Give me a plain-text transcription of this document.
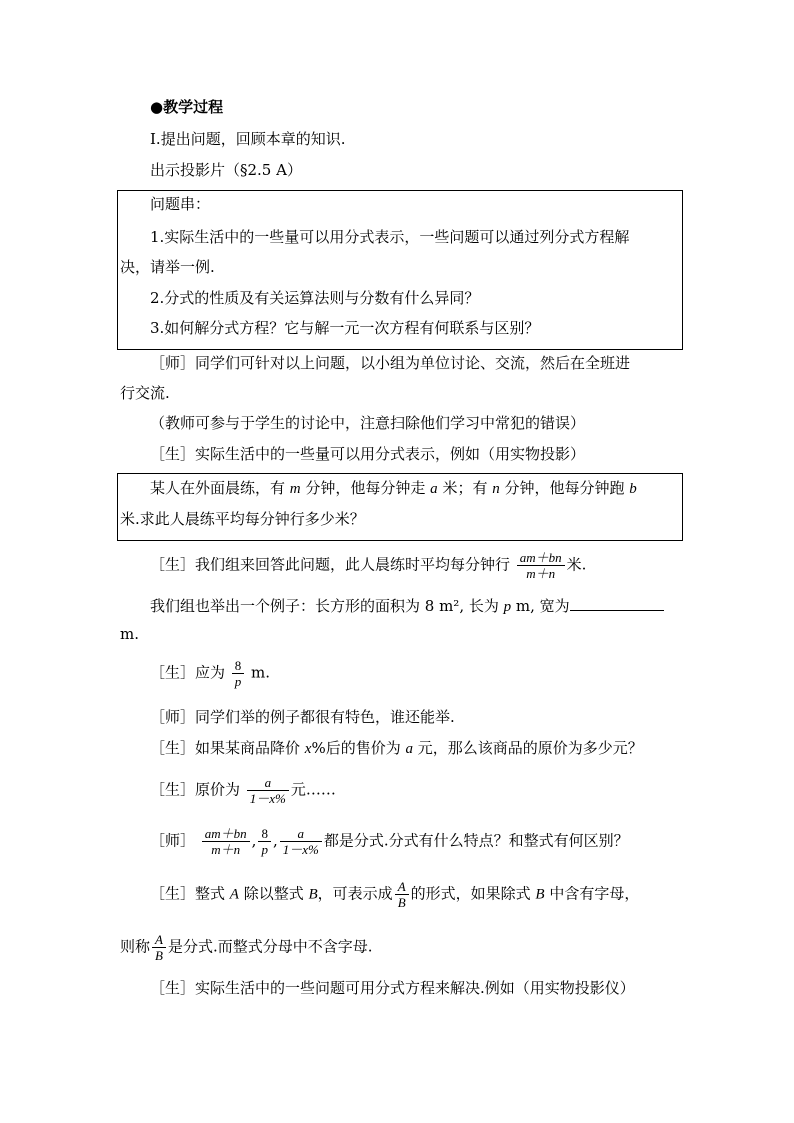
●教学过程
Ⅰ.提出问题，回顾本章的知识.
出示投影片（§2.5 A）
问题串：
1.实际生活中的一些量可以用分式表示，一些问题可以通过列分式方程解
决，请举一例.
2.分式的性质及有关运算法则与分数有什么异同？
3.如何解分式方程？它与解一元一次方程有何联系与区别？
［师］同学们可针对以上问题，以小组为单位讨论、交流，然后在全班进
行交流.
（教师可参与于学生的讨论中，注意扫除他们学习中常犯的错误）
［生］实际生活中的一些量可以用分式表示，例如（用实物投影）
某人在外面晨练，有 m 分钟，他每分钟走 a 米；有 n 分钟，他每分钟跑 b
米.求此人晨练平均每分钟行多少米？
［生］我们组来回答此问题，此人晨练时平均每分钟行 $\frac{am+bn}{m+n}$ 米.
我们组也举出一个例子：长方形的面积为 8 m², 长为 p m, 宽为
m.
［生］应为 $\frac{8}{p} m$.
［师］同学们举的例子都很有特色，谁还能举.
［生］如果某商品降价 x%后的售价为 a 元，那么该商品的原价为多少元？
［生］原价为 $\frac{a}{1-x\%}$ 元……
［师］ $\frac{am+bn}{m+n}$ , $\frac{8}{p}$ , $\frac{a}{1-x\%}$ 都是分式.分式有什么特点？和整式有何区别？
［生］整式 A 除以整式 B，可表示成 $\frac{A}{B}$ 的形式，如果除式 B 中含有字母，
则称 $\frac{A}{B}$ 是分式.而整式分母中不含字母.
［生］实际生活中的一些问题可用分式方程来解决.例如（用实物投影仪）
